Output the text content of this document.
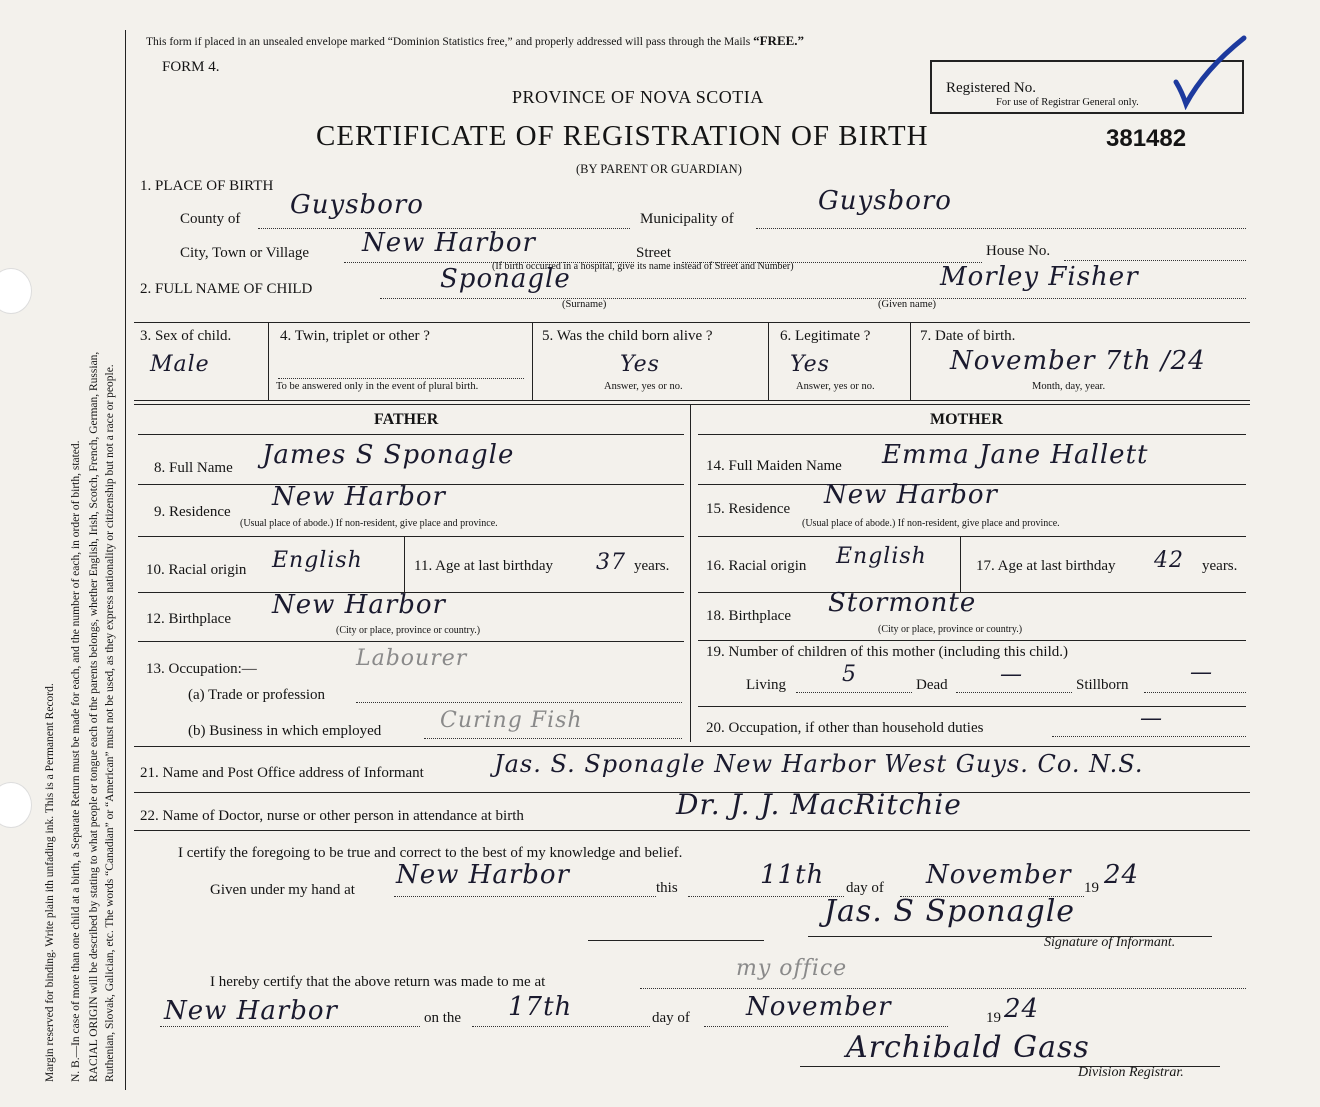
Margin reserved for binding. Write plain ith unfading ink. This is a Permanent Record. N. B.—In case of more than one child at a birth, a Separate Return must be made for each, and the number of each, in order of birth, stated. RACIAL ORIGIN will be described by stating to what people or tongue each of the parents belongs, whether English, Irish, Scotch, French, German, Russian, Ruthenian, Slovak, Galician, etc. The words “Canadian” or “American” must not be used, as they express nationality or citizenship but not a race or people.
This form if placed in an unsealed envelope marked “Dominion Statistics free,” and properly addressed will pass through the Mails “FREE.”
FORM 4.
PROVINCE OF NOVA SCOTIA
CERTIFICATE OF REGISTRATION OF BIRTH
(BY PARENT OR GUARDIAN)
Registered No.
For use of Registrar General only.
381482
1. PLACE OF BIRTH
County of Guysboro	Municipality of
Guysboro
City, Town or Village New Harbor	Street	House No.
(If birth occurred in a hospital, give its name instead of Street and Number)
2. FULL NAME OF CHILD	Sponagle
(Surname)
Morley Fisher
(Given name)
3. Sex of child.
Male
4. Twin, triplet or other ?
To be answered only in the event of plural birth.
5. Was the child born alive ?
Yes
Answer, yes or no.
6. Legitimate ?
Yes
Answer, yes or no.
7. Date of birth.
November 7th /24
Month, day, year.
FATHER	MOTHER
8. Full Name James S Sponagle
9. Residence New Harbor
(Usual place of abode.) If non-resident, give place and province.
10. Racial origin English	11. Age at last birthday 37 years.
12. Birthplace New Harbor
(City or place, province or country.)
13. Occupation:—	Labourer
(a) Trade or profession
(b) Business in which employed	Curing Fish
14. Full Maiden Name Emma Jane Hallett
15. Residence New Harbor
(Usual place of abode.) If non-resident, give place and province.
16. Racial origin English	17. Age at last birthday 42 years.
18. Birthplace Stormonte
(City or place, province or country.)
19. Number of children of this mother (including this child.)
Living	5	Dead —	Stillborn	—
20. Occupation, if other than household duties	—
21. Name and Post Office address of Informant	Jas. S. Sponagle New Harbor West Guys. Co. N.S.
22. Name of Doctor, nurse or other person in attendance at birth	Dr. J. J. MacRitchie
I certify the foregoing to be true and correct to the best of my knowledge and belief.
Given under my hand at New Harbor	this	11th day of November 19 24
Jas. S Sponagle
Signature of Informant.
I hereby certify that the above return was made to me at
my office
New Harbor	on the 17th	day of November	19 24
Archibald Gass
Division Registrar.
